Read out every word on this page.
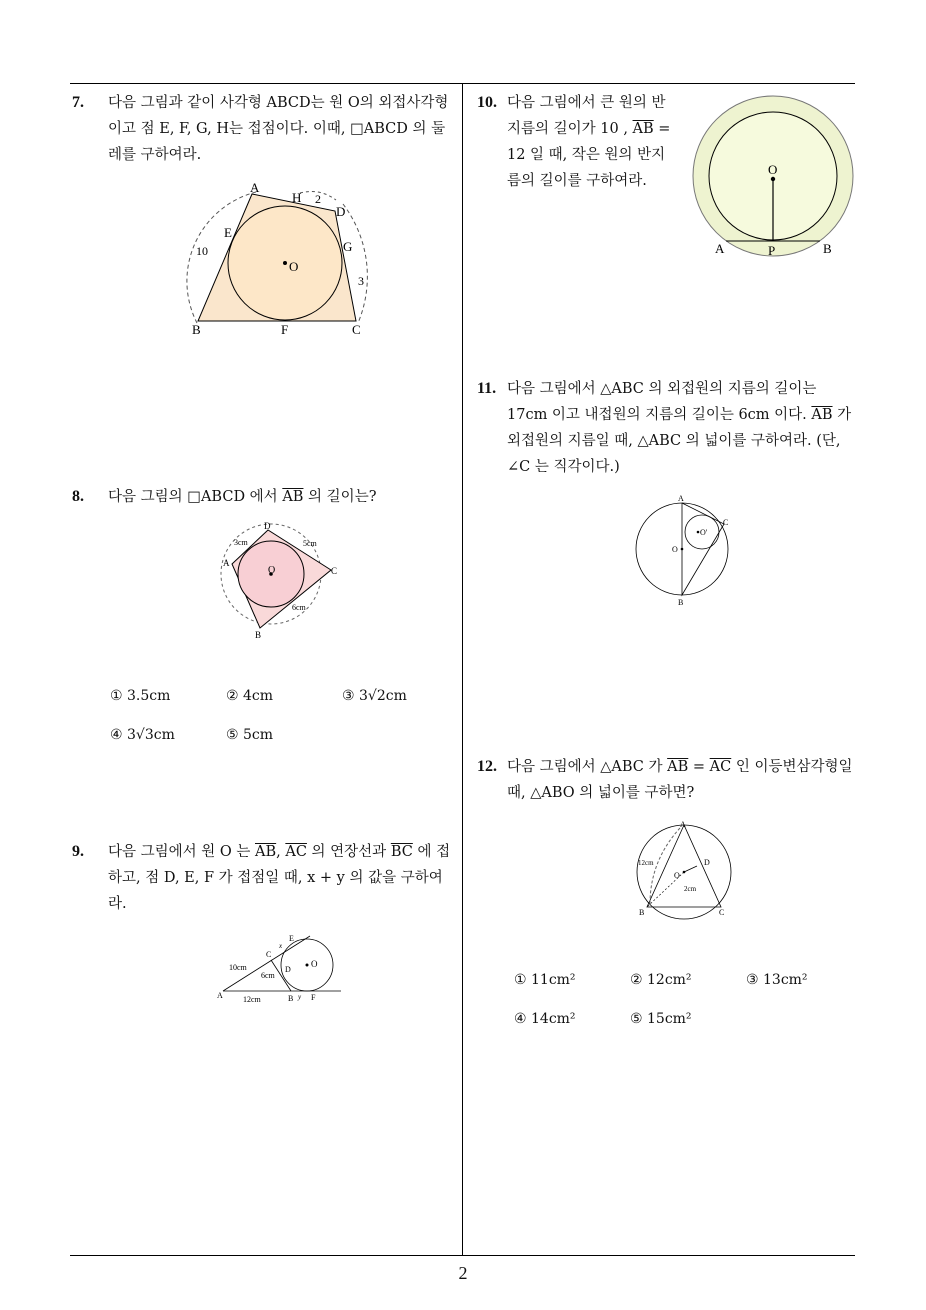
7.	다음 그림과 같이 사각형 ABCD는 원 O의 외접사각형이고 점 E, F, G, H는 접점이다. 이때, □ABCD 의 둘레를 구하여라.
A
B	C
D
E
F
G
H
O
10
2
3
8.	다음 그림의 □ABCD 에서 $\overline{AB}$ 의 길이는?
A
B
C
D
O
3cm	5cm
6cm
① 3.5cm	② 4cm	③ 3√2cm
④ 3√3cm	⑤ 5cm
9.	다음 그림에서 원 O 는 $\overline{AB}$, $\overline{AC}$ 의 연장선과 $\overline{BC}$ 에 접하고, 점 D, E, F 가 접점일 때, x + y 의 값을 구하여라.
A	B
C
D
E
F
O
x
y
10cm
6cm
12cm
10. 다음 그림에서 큰 원의 반지름의 길이가 10 , $\overline{AB} = 12$ 일 때, 작은 원의 반지름의 길이를 구하여라.
O
A	P	B
11. 다음 그림에서 △ABC 의 외접원의 지름의 길이는 17cm 이고 내접원의 지름의 길이는 6cm 이다. $\overline{AB}$ 가 외접원의 지름일 때, △ABC 의 넓이를 구하여라. (단, ∠C 는 직각이다.)
A
B
C
O
O'
12. 다음 그림에서 △ABC 가 $\overline{AB} = \overline{AC}$ 인 이등변삼각형일 때, △ABO 의 넓이를 구하면?
A
B	C
D
O
12cm
2cm
① 11cm²	② 12cm²	③ 13cm²
④ 14cm²	⑤ 15cm²
2
